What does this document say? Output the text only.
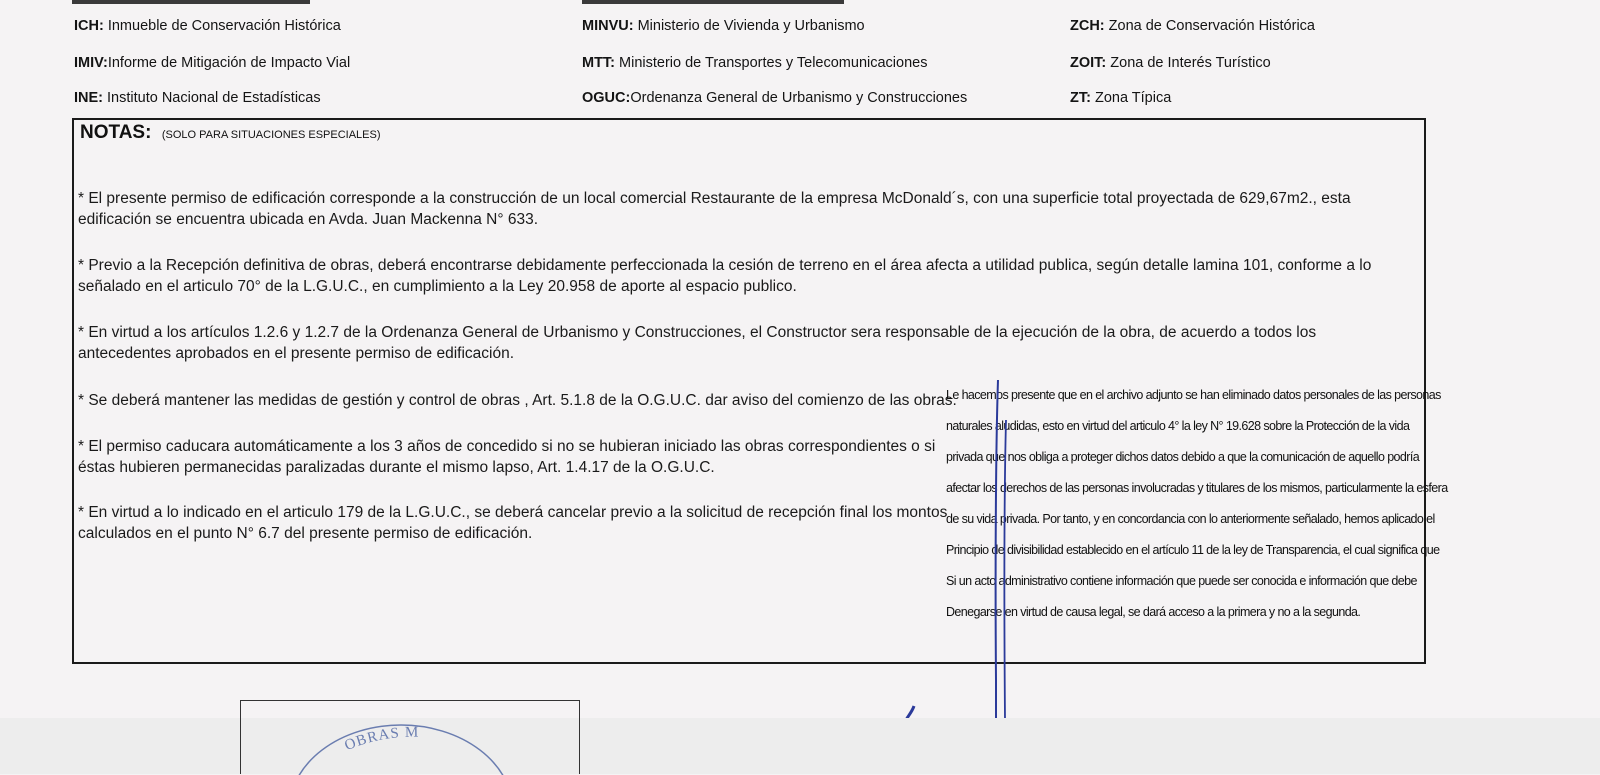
ICH: Inmueble de Conservación Histórica
IMIV:Informe de Mitigación de Impacto Vial
INE: Instituto Nacional de Estadísticas
MINVU: Ministerio de Vivienda y Urbanismo
MTT: Ministerio de Transportes y Telecomunicaciones
OGUC:Ordenanza General de Urbanismo y Construcciones
ZCH: Zona de Conservación Histórica
ZOIT: Zona de Interés Turístico
ZT: Zona Típica
NOTAS: (SOLO PARA SITUACIONES ESPECIALES)
* El presente permiso de edificación corresponde a la construcción de un local comercial Restaurante de la empresa McDonald´s, con una superficie total proyectada de 629,67m2., esta edificación se encuentra ubicada en Avda. Juan Mackenna N° 633.
* Previo a la Recepción definitiva de obras, deberá encontrarse debidamente perfeccionada la cesión de terreno en el área afecta a utilidad publica, según detalle lamina 101, conforme a lo señalado en el articulo 70° de la L.G.U.C., en cumplimiento a la Ley 20.958 de aporte al espacio publico.
* En virtud a los artículos 1.2.6 y 1.2.7 de la Ordenanza General de Urbanismo y Construcciones, el Constructor sera responsable de la ejecución de la obra, de acuerdo a todos los antecedentes aprobados en el presente permiso de edificación.
* Se deberá mantener las medidas de gestión y control de obras , Art. 5.1.8 de la O.G.U.C. dar aviso del comienzo de las obras.
* El permiso caducara automáticamente a los 3 años de concedido si no se hubieran iniciado las obras correspondientes o si éstas hubieren permanecidas paralizadas durante el mismo lapso, Art. 1.4.17 de la O.G.U.C.
* En virtud a lo indicado en el articulo 179 de la L.G.U.C., se deberá cancelar previo a la solicitud de recepción final los montos calculados en el punto N° 6.7 del presente permiso de edificación.
Le hacemos presente que en el archivo adjunto se han eliminado datos personales de las personas
naturales aludidas, esto en virtud del articulo 4° la ley N° 19.628 sobre la Protección de la vida
privada que nos obliga a proteger dichos datos debido a que la comunicación de aquello podría
afectar los derechos de las personas involucradas y titulares de los mismos, particularmente la esfera
de su vida privada. Por tanto, y en concordancia con lo anteriormente señalado, hemos aplicado el
Principio de divisibilidad establecido en el artículo 11 de la ley de Transparencia, el cual significa que
Si un acto administrativo contiene información que puede ser conocida e información que debe
Denegarse en virtud de causa legal, se dará acceso a la primera y no a la segunda.
OBRAS M
